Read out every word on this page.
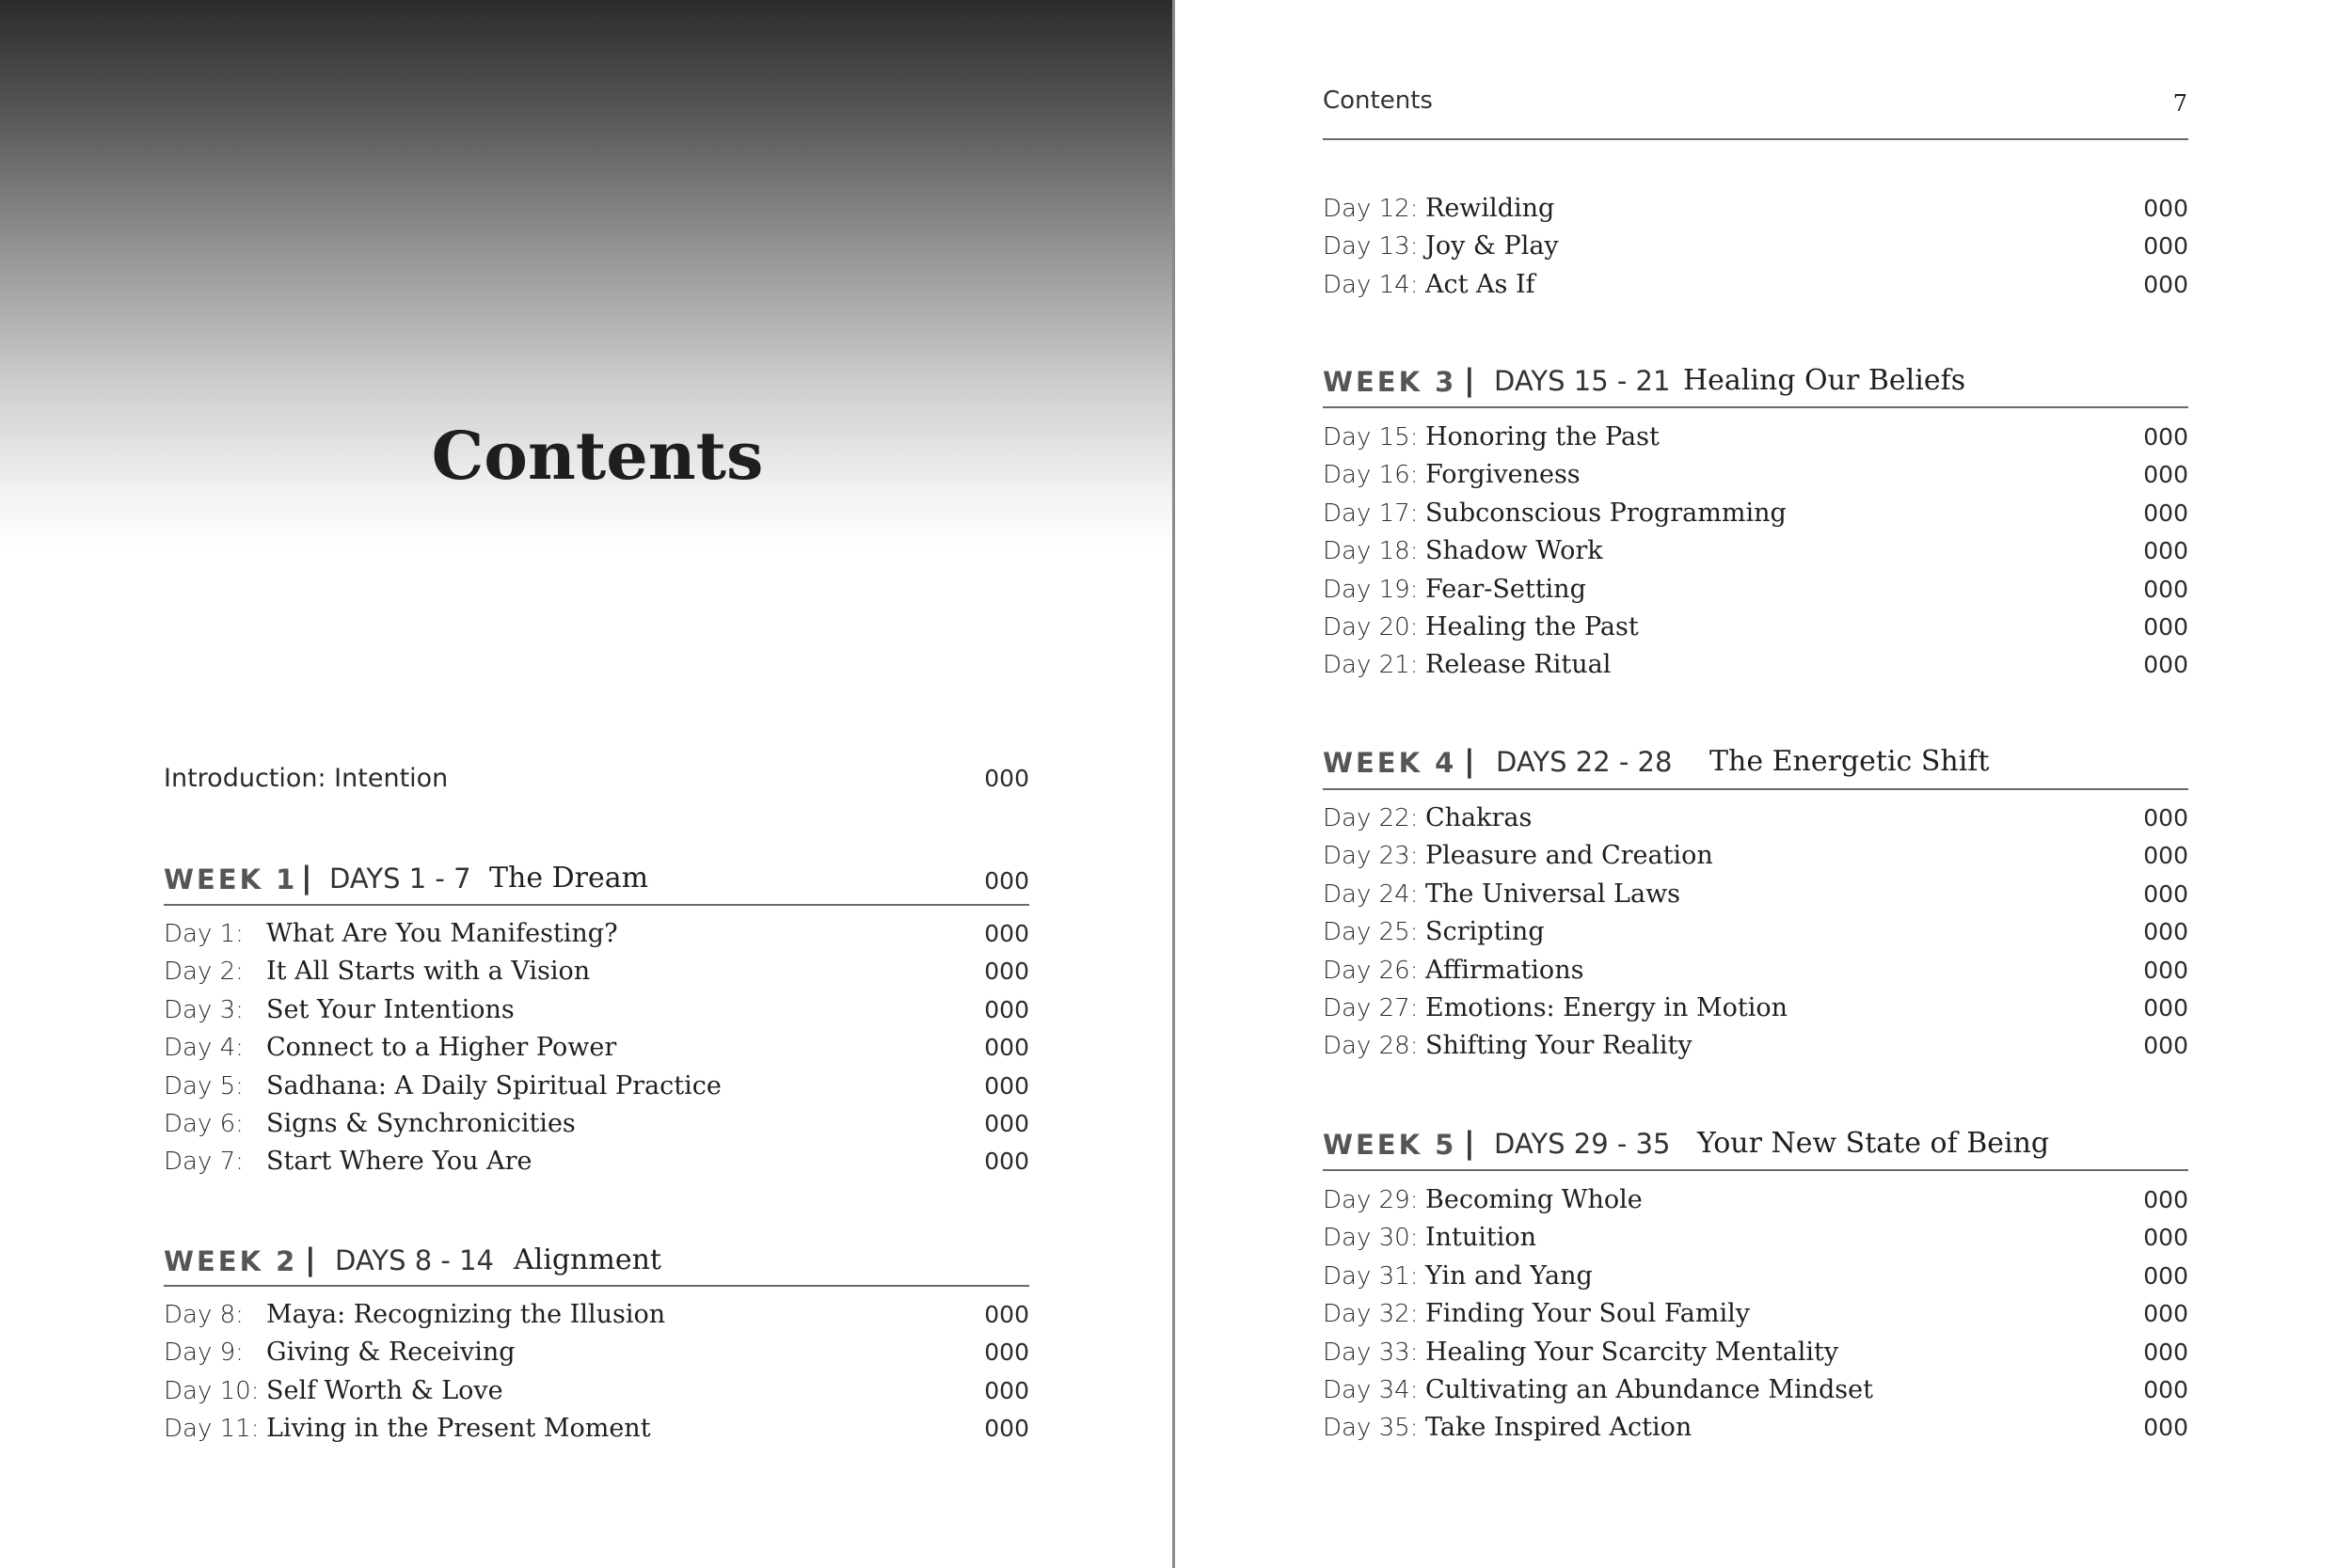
Contents
Introduction: Intention	000
WEEK 1 | DAYS 1 - 7 The Dream	000
Day 1: What Are You Manifesting?	000
Day 2: It All Starts with a Vision	000
Day 3: Set Your Intentions	000
Day 4: Connect to a Higher Power	000
Day 5: Sadhana: A Daily Spiritual Practice	000
Day 6: Signs & Synchronicities	000
Day 7: Start Where You Are	000
WEEK 2 | DAYS 8 - 14 Alignment
Day 8: Maya: Recognizing the Illusion	000
Day 9: Giving & Receiving	000
Day 10: Self Worth & Love	000
Day 11: Living in the Present Moment	000
Contents	7
Day 12: Rewilding	000
Day 13: Joy & Play	000
Day 14: Act As If	000
WEEK 3 | DAYS 15 - 21 Healing Our Beliefs
Day 15: Honoring the Past	000
Day 16: Forgiveness	000
Day 17: Subconscious Programming	000
Day 18: Shadow Work	000
Day 19: Fear-Setting	000
Day 20: Healing the Past	000
Day 21: Release Ritual	000
WEEK 4 | DAYS 22 - 28 The Energetic Shift
Day 22: Chakras	000
Day 23: Pleasure and Creation	000
Day 24: The Universal Laws	000
Day 25: Scripting	000
Day 26: Affirmations	000
Day 27: Emotions: Energy in Motion	000
Day 28: Shifting Your Reality	000
WEEK 5 | DAYS 29 - 35 Your New State of Being
Day 29: Becoming Whole	000
Day 30: Intuition	000
Day 31: Yin and Yang	000
Day 32: Finding Your Soul Family	000
Day 33: Healing Your Scarcity Mentality	000
Day 34: Cultivating an Abundance Mindset	000
Day 35: Take Inspired Action	000
